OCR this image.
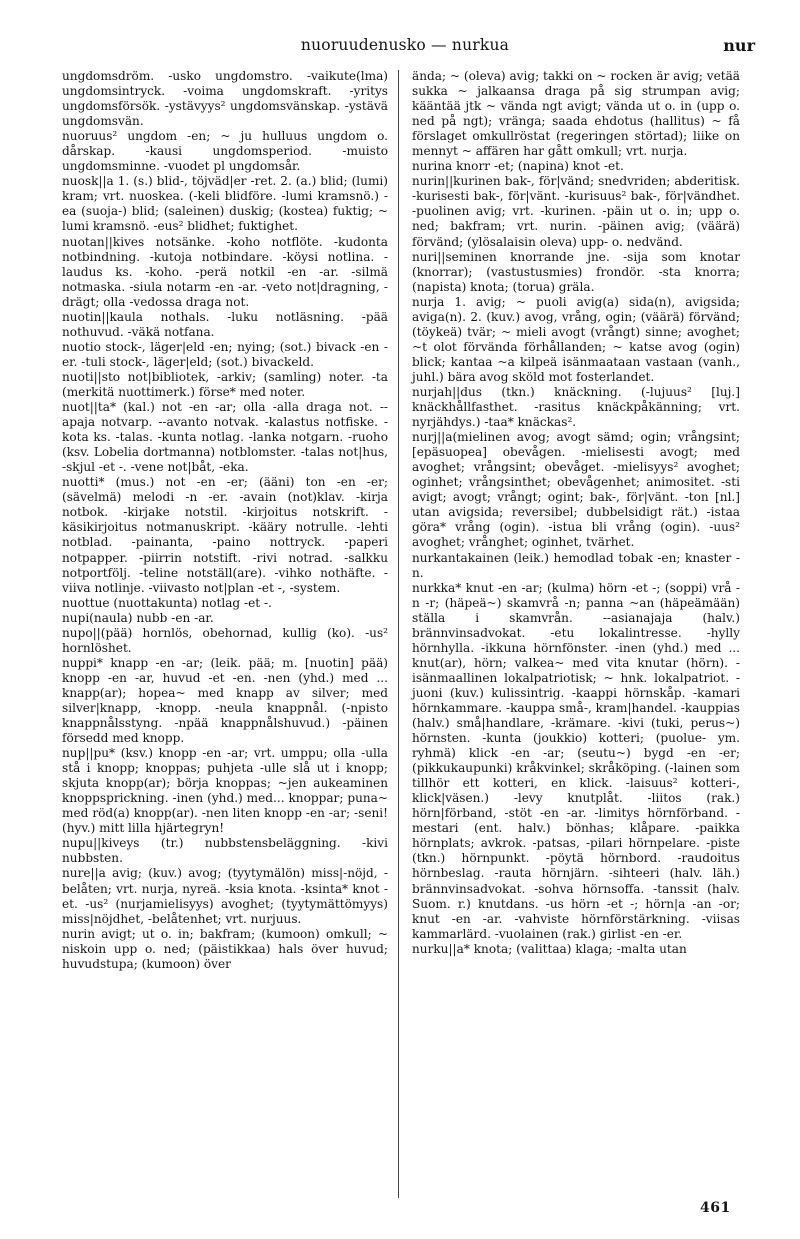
nuoruudenusko — nurkua	nur

ungdomsdröm. -usko ungdomstro. -vaikute(lma) ungdomsintryck. -voima ungdomskraft. -yritys ungdomsförsök. -ystävyys² ungdomsvänskap. -ystävä ungdomsvän.

nuoruus² ungdom -en; ~ ju hulluus ungdom o. dårskap. -kausi ungdomsperiod. -muisto ungdomsminne. -vuodet pl ungdomsår.

nuosk||a 1. (s.) blid-, töjväd|er -ret. 2. (a.) blid; (lumi) kram; vrt. nuoskea. (-keli blidföre. -lumi kramsnö.) -ea (suoja-) blid; (saleinen) duskig; (kostea) fuktig; ~ lumi kramsnö. -eus² blidhet; fuktighet.

nuotan||kives notsänke. -koho notflöte. -kudonta notbindning. -kutoja notbindare. -köysi notlina. -laudus ks. -koho. -perä notkil -en -ar. -silmä notmaska. -siula notarm -en -ar. -veto not|dragning, -drägt; olla -vedossa draga not.

nuotin||kaula nothals. -luku notläsning. -pää nothuvud. -väkä notfana.

nuotio stock-, läger|eld -en; nying; (sot.) bivack -en -er. -tuli stock-, läger|eld; (sot.) bivackeld.

nuoti||sto not|bibliotek, -arkiv; (samling) noter. -ta (merkitä nuottimerk.) förse* med noter.

nuot||ta* (kal.) not -en -ar; olla -alla draga not. --apaja notvarp. --avanto notvak. -kalastus notfiske. -kota ks. -talas. -kunta notlag. -lanka notgarn. -ruoho (ksv. Lobelia dortmanna) notblomster. -talas not|hus, -skjul -et -. -vene not|båt, -eka.

nuotti* (mus.) not -en -er; (ääni) ton -en -er; (sävelmä) melodi -n -er. -avain (not)klav. -kirja notbok. -kirjake notstil. -kirjoitus notskrift. -käsikirjoitus notmanuskript. -kääry notrulle. -lehti notblad. -painanta, -paino nottryck. -paperi notpapper. -piirrin notstift. -rivi notrad. -salkku notportfölj. -teline notställ(are). -vihko nothäfte. -viiva notlinje. -viivasto not|plan -et -, -system.

nuottue (nuottakunta) notlag -et -.

nupi(naula) nubb -en -ar.

nupo||(pää) hornlös, obehornad, kullig (ko). -us² hornlöshet.

nuppi* knapp -en -ar; (leik. pää; m. [nuotin] pää) knopp -en -ar, huvud -et -en. -nen (yhd.) med ... knapp(ar); hopea~ med knapp av silver; med silver|knapp, -knopp. -neula knappnål. (-npisto knappnålsstyng. -npää knappnålshuvud.) -päinen försedd med knopp.

nup||pu* (ksv.) knopp -en -ar; vrt. umppu; olla -ulla stå i knopp; knoppas; puhjeta -ulle slå ut i knopp; skjuta knopp(ar); börja knoppas; ~jen aukeaminen knoppsprickning. -inen (yhd.) med... knoppar; puna~ med röd(a) knopp(ar). -nen liten knopp -en -ar; -seni! (hyv.) mitt lilla hjärtegryn!

nupu||kiveys (tr.) nubbstensbeläggning. -kivi nubbsten.

nure||a avig; (kuv.) avog; (tyytymälön) miss|-nöjd, -belåten; vrt. nurja, nyreä. -ksia knota. -ksinta* knot -et. -us² (nurjamielisyys) avoghet; (tyytymättömyys) miss|nöjdhet, -belåtenhet; vrt. nurjuus.

nurin avigt; ut o. in; bakfram; (kumoon) omkull; ~ niskoin upp o. ned; (päistikkaa) hals över huvud; huvudstupa; (kumoon) över

ända; ~ (oleva) avig; takki on ~ rocken är avig; vetää sukka ~ jalkaansa draga på sig strumpan avig; kääntää jtk ~ vända ngt avigt; vända ut o. in (upp o. ned på ngt); vränga; saada ehdotus (hallitus) ~ få förslaget omkullröstat (regeringen störtad); liike on mennyt ~ affären har gått omkull; vrt. nurja.

nurina knorr -et; (napina) knot -et.

nurin||kurinen bak-, för|vänd; snedvriden; abderitisk. -kurisesti bak-, för|vänt. -kurisuus² bak-, för|vändhet. -puolinen avig; vrt. -kurinen. -päin ut o. in; upp o. ned; bakfram; vrt. nurin. -päinen avig; (väärä) förvänd; (ylösalaisin oleva) upp- o. nedvänd.

nuri||seminen knorrande jne. -sija som knotar (knorrar); (vastustusmies) frondör. -sta knorra; (napista) knota; (torua) gräla.

nurja 1. avig; ~ puoli avig(a) sida(n), avigsida; aviga(n). 2. (kuv.) avog, vrång, ogin; (väärä) förvänd; (töykeä) tvär; ~ mieli avogt (vrångt) sinne; avoghet; ~t olot förvända förhållanden; ~ katse avog (ogin) blick; kantaa ~a kilpeä isänmaataan vastaan (vanh., juhl.) bära avog sköld mot fosterlandet.

nurjah||dus (tkn.) knäckning. (-lujuus² [luj.] knäckhållfasthet. -rasitus knäckpåkänning; vrt. nyrjähdys.) -taa* knäckas².

nurj||a(mielinen avog; avogt sämd; ogin; vrångsint; [epäsuopea] obevågen. -mielisesti avogt; med avoghet; vrångsint; obevåget. -mielisyys² avoghet; oginhet; vrångsinthet; obevågenhet; animositet. -sti avigt; avogt; vrångt; ogint; bak-, för|vänt. -ton [nl.] utan avigsida; reversibel; dubbelsidigt rät.) -istaa göra* vrång (ogin). -istua bli vrång (ogin). -uus² avoghet; vrånghet; oginhet, tvärhet.

nurkantakainen (leik.) hemodlad tobak -en; knaster -n.

nurkka* knut -en -ar; (kulma) hörn -et -; (soppi) vrå -n -r; (häpeä~) skamvrå -n; panna ~an (häpeämään) ställa i skamvrån. --asianajaja (halv.) brännvinsadvokat. -etu lokalintresse. -hylly hörnhylla. -ikkuna hörnfönster. -inen (yhd.) med ... knut(ar), hörn; valkea~ med vita knutar (hörn). -isänmaallinen lokalpatriotisk; ~ hnk. lokalpatriot. -juoni (kuv.) kulissintrig. -kaappi hörnskåp. -kamari hörnkammare. -kauppa små-, kram|handel. -kauppias (halv.) små|handlare, -krämare. -kivi (tuki, perus~) hörnsten. -kunta (joukkio) kotteri; (puolue- ym. ryhmä) klick -en -ar; (seutu~) bygd -en -er; (pikkukaupunki) kråkvinkel; skråköping. (-lainen som tillhör ett kotteri, en klick. -laisuus² kotteri-, klick|väsen.) -levy knutplåt. -liitos (rak.) hörn|förband, -stöt -en -ar. -limitys hörnförband. -mestari (ent. halv.) bönhas; klåpare. -paikka hörnplats; avkrok. -patsas, -pilari hörnpelare. -piste (tkn.) hörnpunkt. -pöytä hörnbord. -raudoitus hörnbeslag. -rauta hörnjärn. -sihteeri (halv. läh.) brännvinsadvokat. -sohva hörnsoffa. -tanssit (halv. Suom. r.) knutdans. -us hörn -et -; hörn|a -an -or; knut -en -ar. -vahviste hörnförstärkning. -viisas kammarlärd. -vuolainen (rak.) girlist -en -er.

nurku||a* knota; (valittaa) klaga; -malta utan

461
